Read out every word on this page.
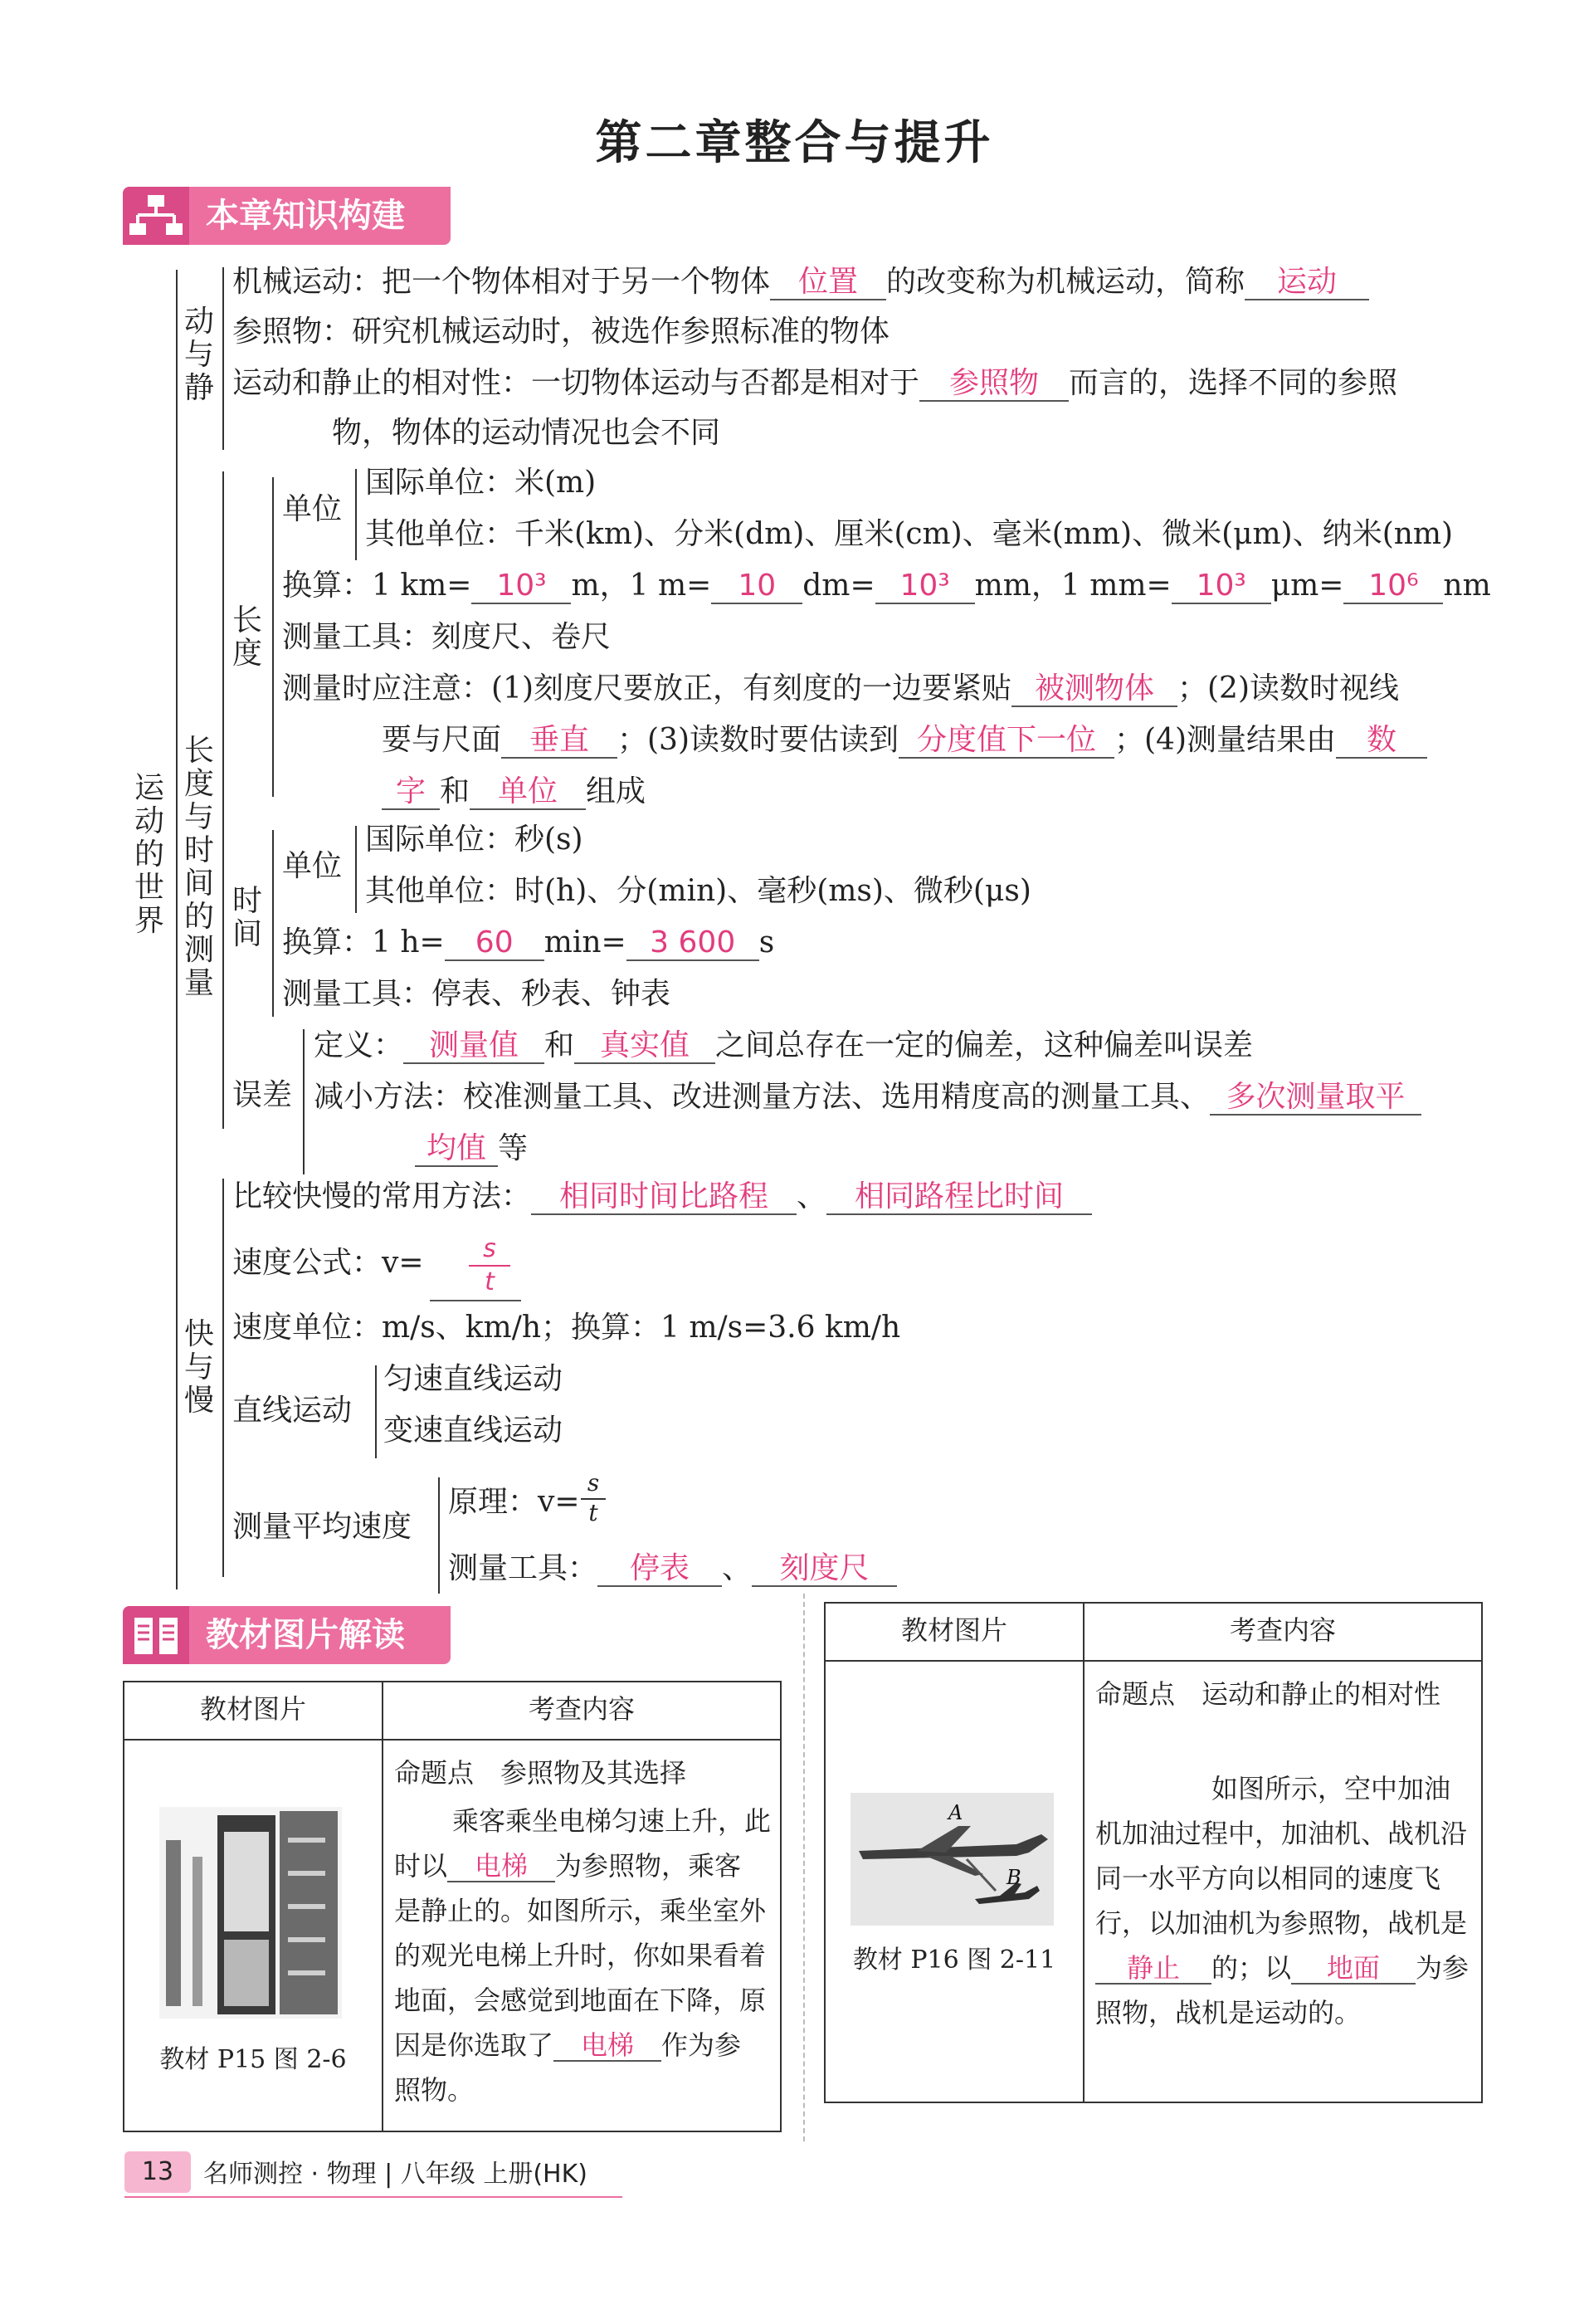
第二章整合与提升
本章知识构建
运动的世界
动与静
机械运动：把一个物体相对于另一个物体 位置 的改变称为机械运动，简称 运动
参照物：研究机械运动时，被选作参照标准的物体
运动和静止的相对性：一切物体运动与否都是相对于 参照物 而言的，选择不同的参照
物，物体的运动情况也会不同
长度与时间的测量
长度
单位
国际单位：米(m)
其他单位：千米(km)、分米(dm)、厘米(cm)、毫米(mm)、微米(μm)、纳米(nm)
换算：1 km= 10³ m，1 m= 10 dm= 10³ mm，1 mm= 10³ μm= 10⁶ nm
测量工具：刻度尺、卷尺
测量时应注意：(1)刻度尺要放正，有刻度的一边要紧贴 被测物体 ；(2)读数时视线
要与尺面 垂直 ；(3)读数时要估读到 分度值下一位 ；(4)测量结果由 数
字 和 单位 组成
时间
单位
国际单位：秒(s)
其他单位：时(h)、分(min)、毫秒(ms)、微秒(μs)
换算：1 h= 60 min= 3 600 s
测量工具：停表、秒表、钟表
误差
定义： 测量值 和 真实值 之间总存在一定的偏差，这种偏差叫误差
减小方法：校准测量工具、改进测量方法、选用精度高的测量工具、 多次测量取平
均值 等
快与慢
比较快慢的常用方法： 相同时间比路程 、 相同路程比时间
速度公式：v=	s
t
速度单位：m/s、km/h；换算：1 m/s=3.6 km/h
直线运动
匀速直线运动
变速直线运动
测量平均速度
原理：v=
s
t
测量工具： 停表 、 刻度尺
教材图片解读
教材图片	考查内容
教材 P15 图 2-6
命题点　参照物及其选择
乘客乘坐电梯匀速上升，此
时以 电梯 为参照物，乘客
是静止的。如图所示，乘坐室外
的观光电梯上升时，你如果看着
地面，会感觉到地面在下降，原
因是你选取了 电梯 作为参
照物。
教材图片	考查内容
A
B
教材 P16 图 2-11
命题点　运动和静止的相对性
如图所示，空中加油
机加油过程中，加油机、战机沿
同一水平方向以相同的速度飞
行，以加油机为参照物，战机是
静止 的；以 地面 为参
照物，战机是运动的。
13	名师测控 · 物理 | 八年级 上册(HK)
